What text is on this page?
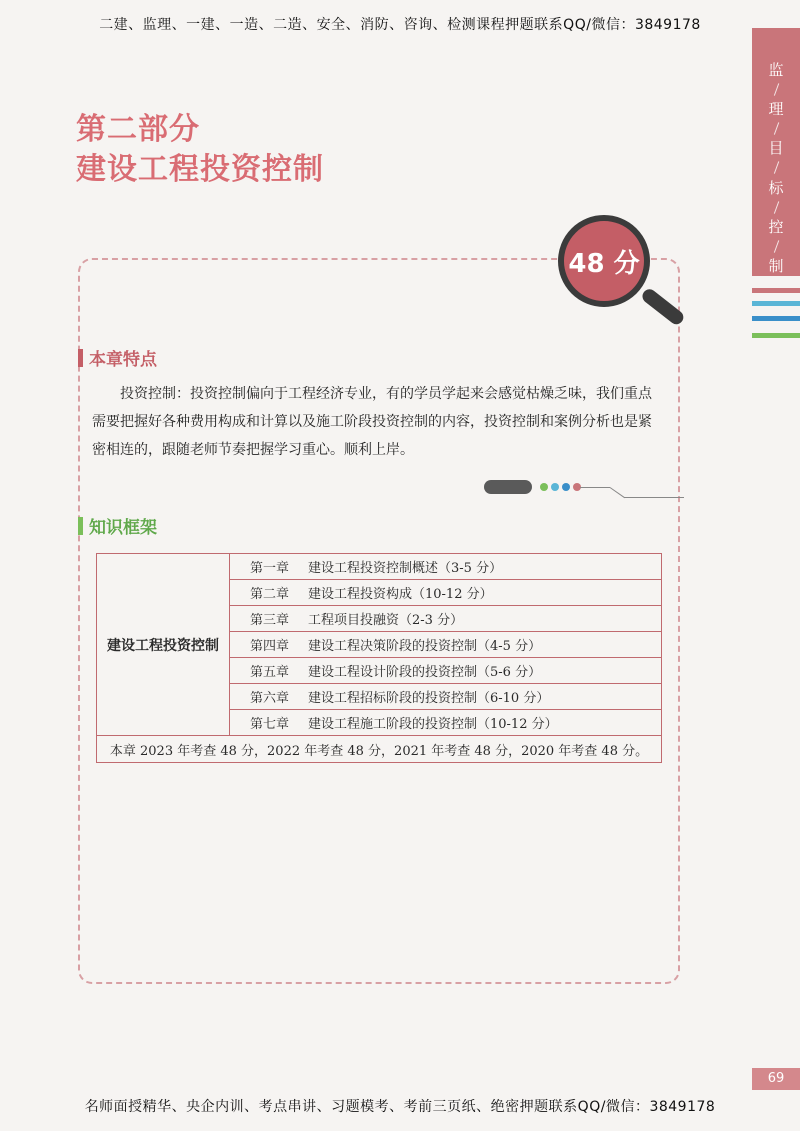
二建、监理、一建、一造、二造、安全、消防、咨询、检测课程押题联系QQ/微信：3849178
监
理
目
标
控
制
第二部分
建设工程投资控制
48 分
本章特点
投资控制：投资控制偏向于工程经济专业，有的学员学起来会感觉枯燥乏味，我们重点需要把握好各种费用构成和计算以及施工阶段投资控制的内容，投资控制和案例分析也是紧密相连的，跟随老师节奏把握学习重心。顺利上岸。
知识框架
建设工程投资控制	第一章 建设工程投资控制概述（3-5 分）
第二章 建设工程投资构成（10-12 分）
第三章 工程项目投融资（2-3 分）
第四章 建设工程决策阶段的投资控制（4-5 分）
第五章 建设工程设计阶段的投资控制（5-6 分）
第六章 建设工程招标阶段的投资控制（6-10 分）
第七章 建设工程施工阶段的投资控制（10-12 分）
本章 2023 年考查 48 分，2022 年考查 48 分，2021 年考查 48 分，2020 年考查 48 分。
69
名师面授精华、央企内训、考点串讲、习题模考、考前三页纸、绝密押题联系QQ/微信：3849178
